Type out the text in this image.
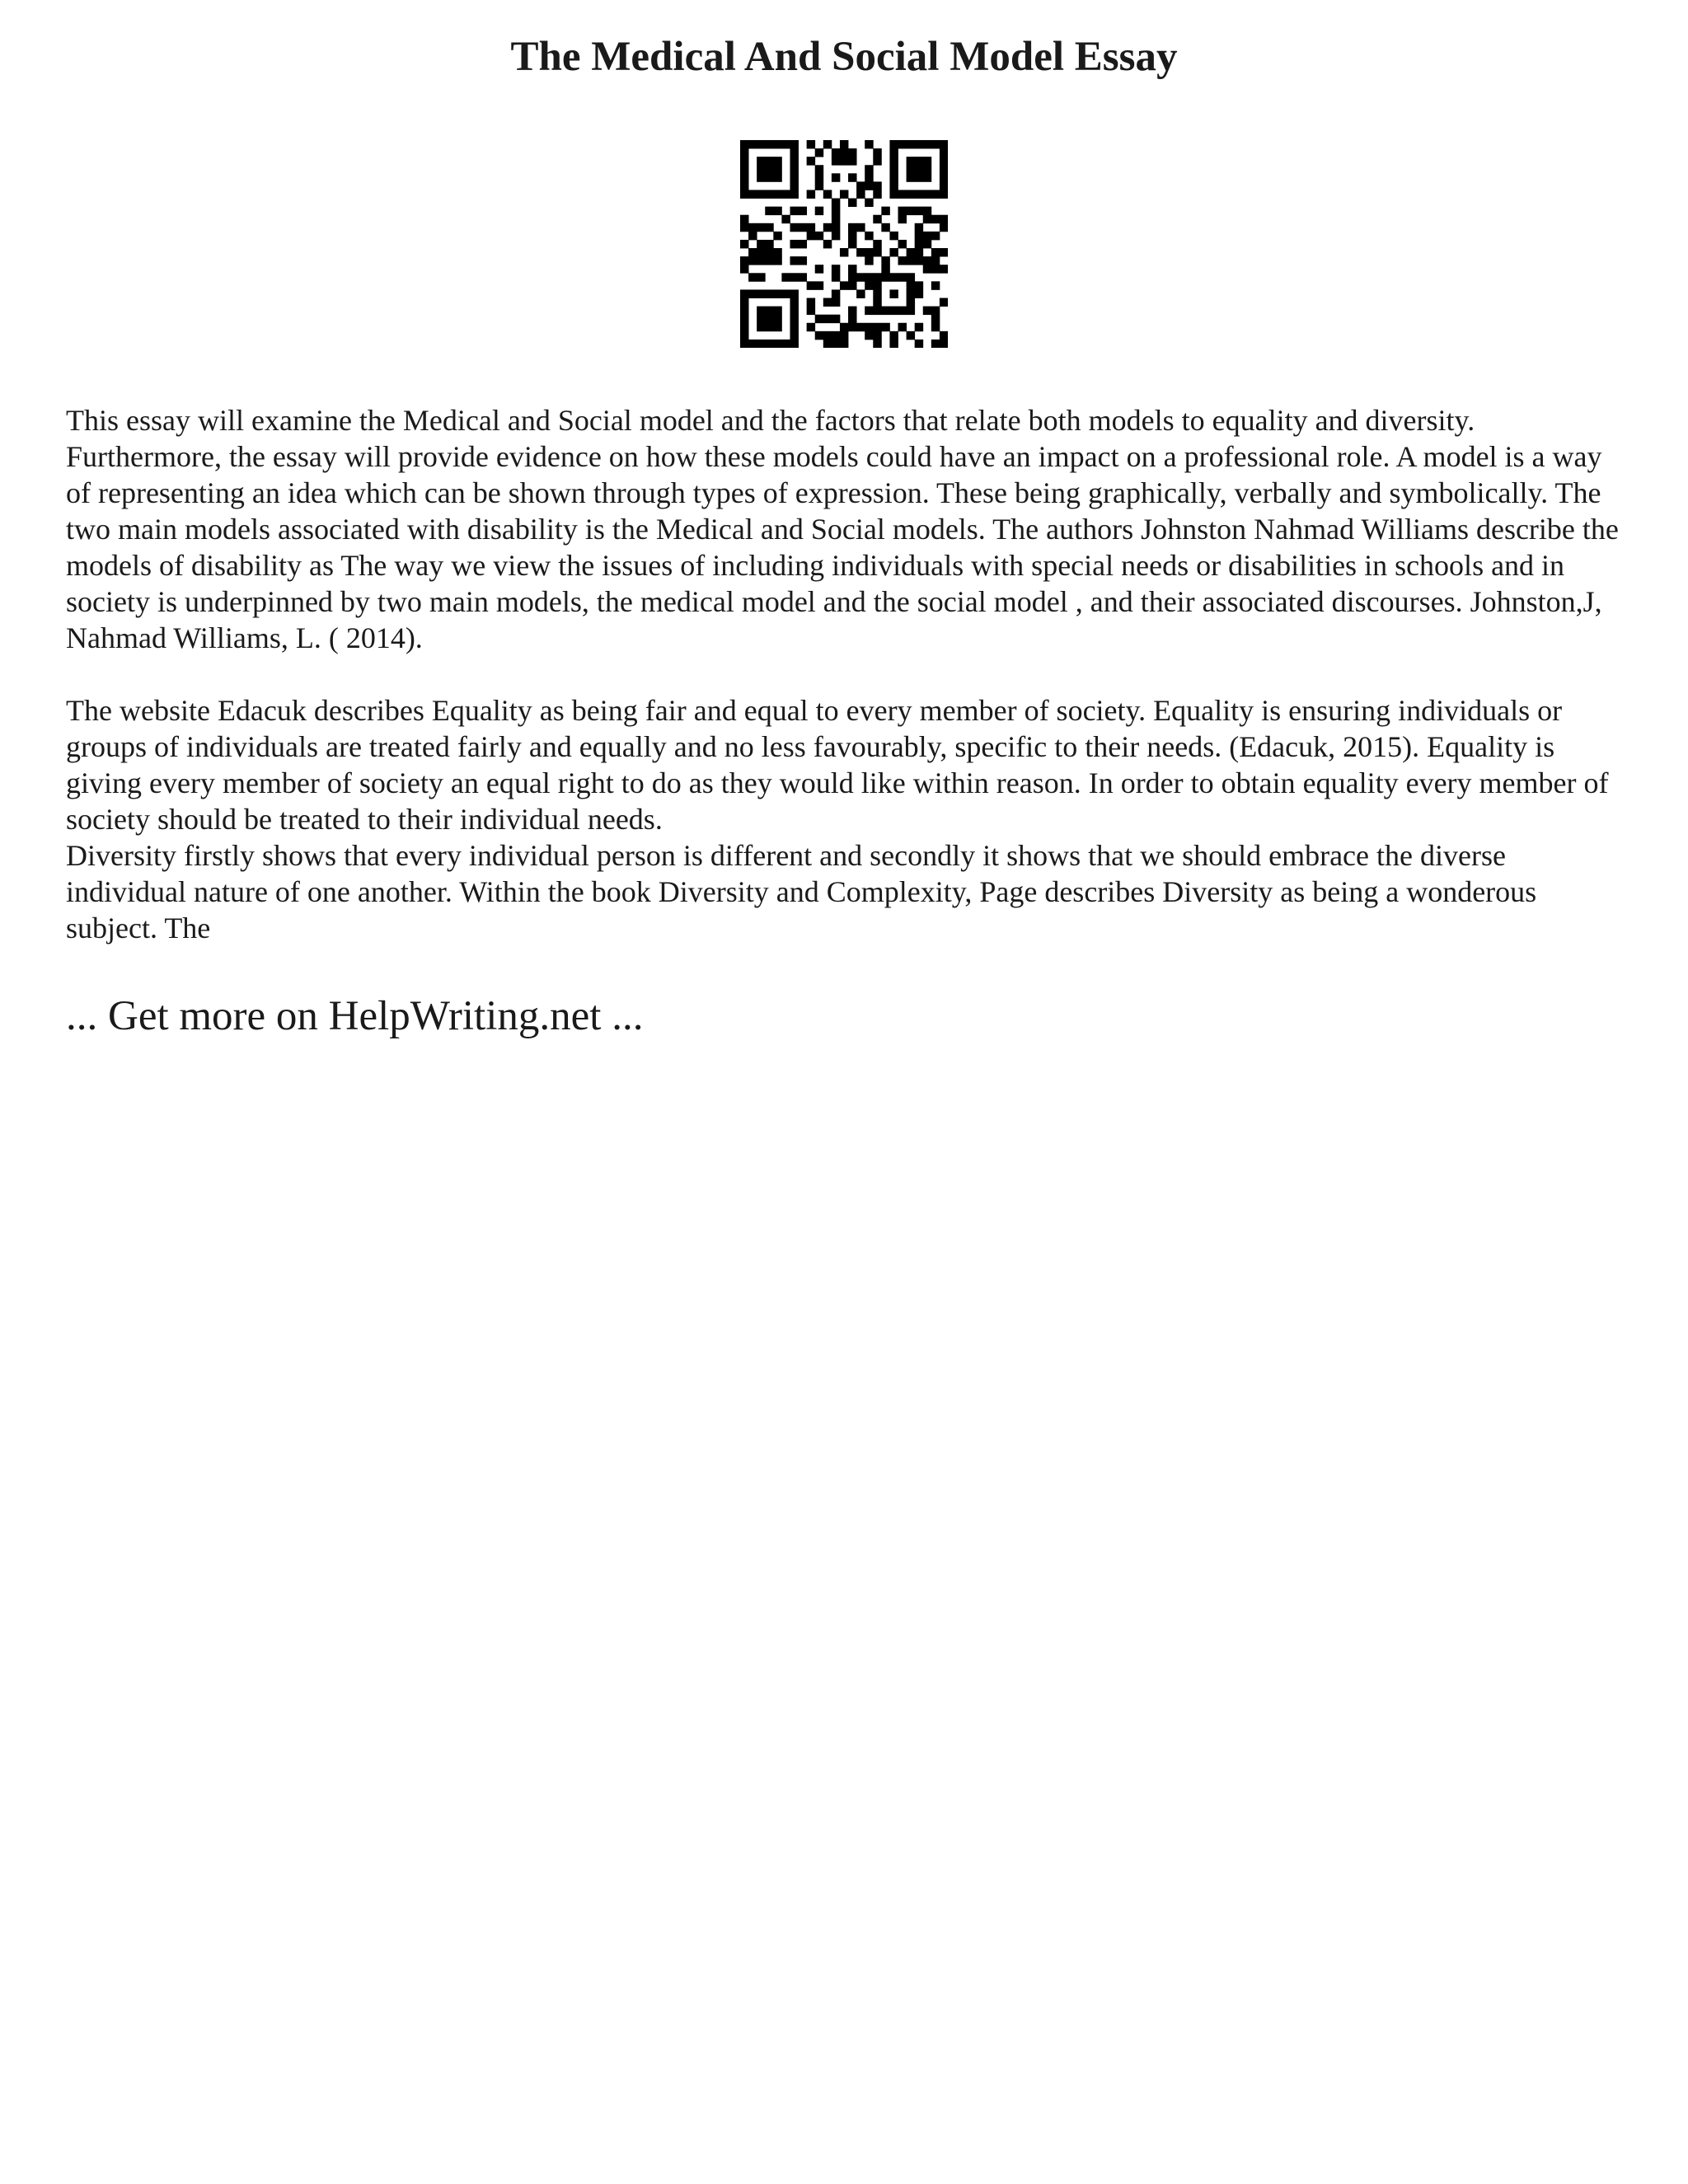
The Medical And Social Model Essay

This essay will examine the Medical and Social model and the factors that relate both models to equality and diversity. Furthermore, the essay will provide evidence on how these models could have an impact on a professional role. A model is a way of representing an idea which can be shown through types of expression. These being graphically, verbally and symbolically. The two main models associated with disability is the Medical and Social models. The authors Johnston Nahmad Williams describe the models of disability as The way we view the issues of including individuals with special needs or disabilities in schools and in society is underpinned by two main models, the medical model and the social model , and their associated discourses. Johnston,J, Nahmad Williams, L. ( 2014).

The website Edacuk describes Equality as being fair and equal to every member of society. Equality is ensuring individuals or groups of individuals are treated fairly and equally and no less favourably, specific to their needs. (Edacuk, 2015). Equality is giving every member of society an equal right to do as they would like within reason. In order to obtain equality every member of society should be treated to their individual needs.

Diversity firstly shows that every individual person is different and secondly it shows that we should embrace the diverse individual nature of one another. Within the book Diversity and Complexity, Page describes Diversity as being a wonderous subject. The

... Get more on HelpWriting.net ...
